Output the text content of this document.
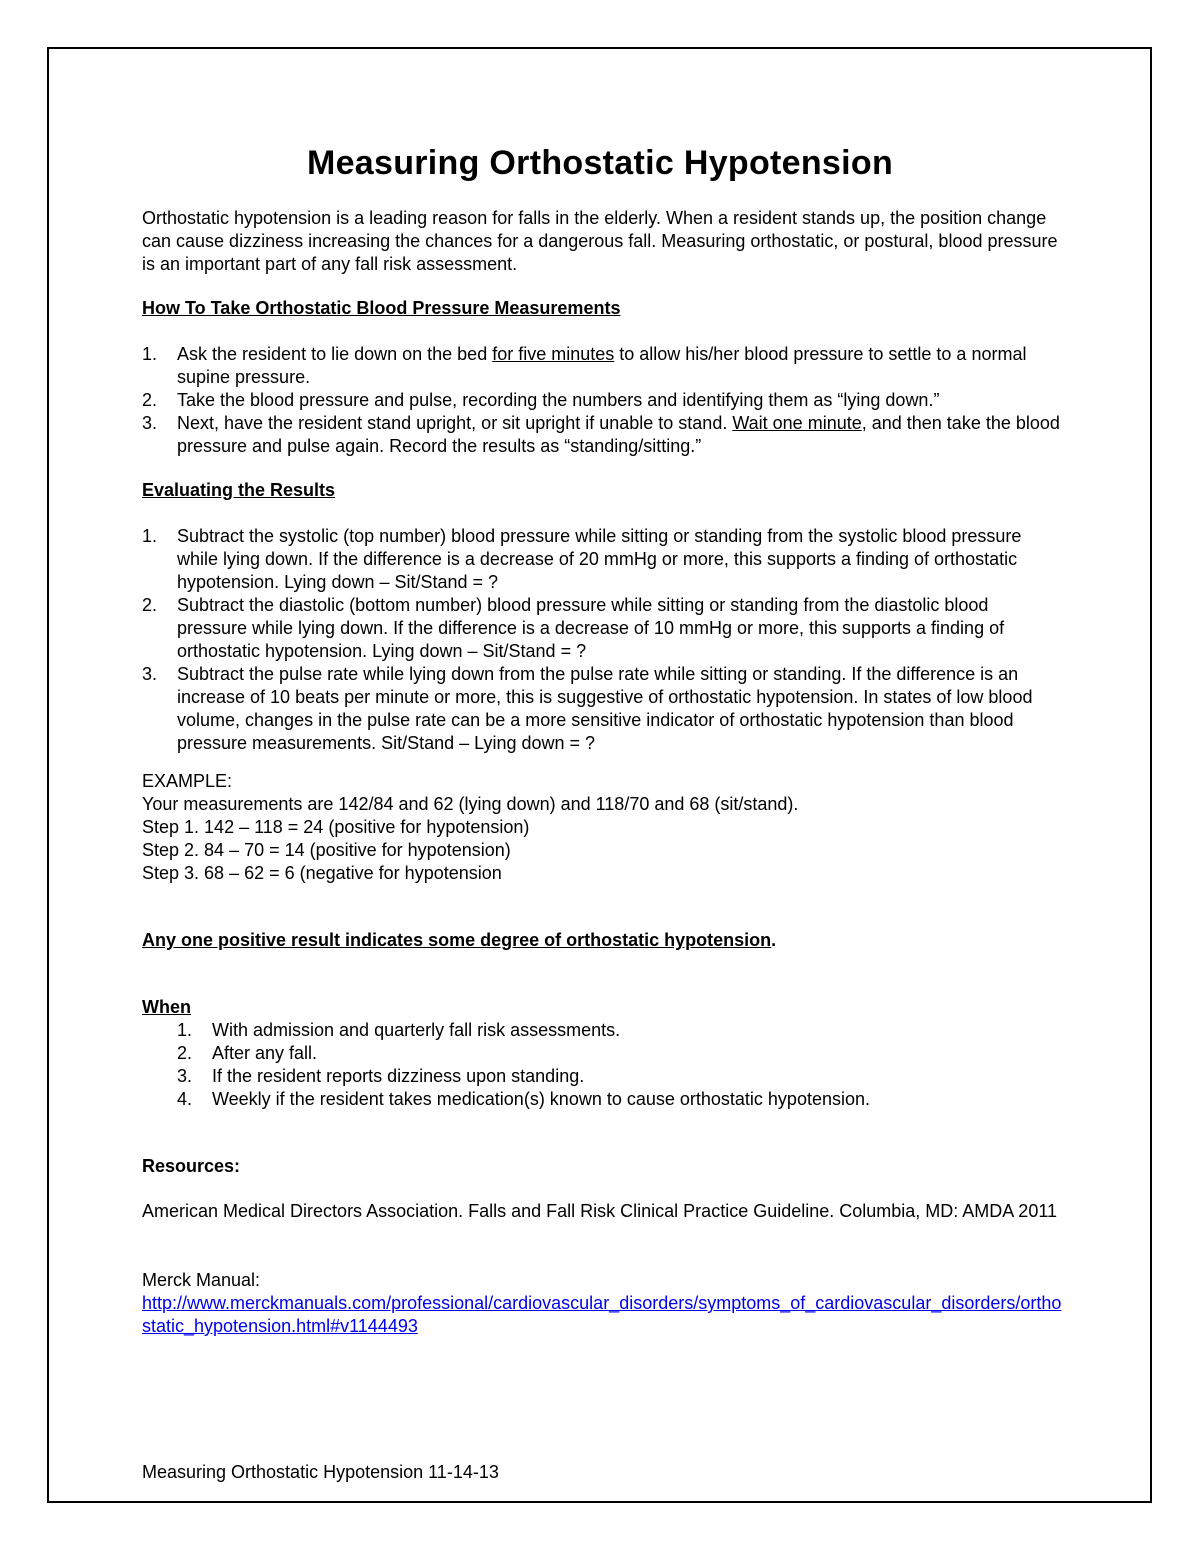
Measuring Orthostatic Hypotension

Orthostatic hypotension is a leading reason for falls in the elderly. When a resident stands up, the position change can cause dizziness increasing the chances for a dangerous fall. Measuring orthostatic, or postural, blood pressure is an important part of any fall risk assessment.

How To Take Orthostatic Blood Pressure Measurements

1. Ask the resident to lie down on the bed for five minutes to allow his/her blood pressure to settle to a normal supine pressure.
2. Take the blood pressure and pulse, recording the numbers and identifying them as “lying down.”
3. Next, have the resident stand upright, or sit upright if unable to stand. Wait one minute, and then take the blood pressure and pulse again. Record the results as “standing/sitting.”

Evaluating the Results

1. Subtract the systolic (top number) blood pressure while sitting or standing from the systolic blood pressure while lying down. If the difference is a decrease of 20 mmHg or more, this supports a finding of orthostatic hypotension. Lying down – Sit/Stand = ?
2. Subtract the diastolic (bottom number) blood pressure while sitting or standing from the diastolic blood pressure while lying down. If the difference is a decrease of 10 mmHg or more, this supports a finding of orthostatic hypotension. Lying down – Sit/Stand = ?
3. Subtract the pulse rate while lying down from the pulse rate while sitting or standing. If the difference is an increase of 10 beats per minute or more, this is suggestive of orthostatic hypotension. In states of low blood volume, changes in the pulse rate can be a more sensitive indicator of orthostatic hypotension than blood pressure measurements. Sit/Stand – Lying down = ?

EXAMPLE:

Your measurements are 142/84 and 62 (lying down) and 118/70 and 68 (sit/stand).

Step 1. 142 – 118 = 24 (positive for hypotension)

Step 2. 84 – 70 = 14 (positive for hypotension)

Step 3. 68 – 62 = 6 (negative for hypotension

Any one positive result indicates some degree of orthostatic hypotension.

When

1. With admission and quarterly fall risk assessments.
2. After any fall.
3. If the resident reports dizziness upon standing.
4. Weekly if the resident takes medication(s) known to cause orthostatic hypotension.

Resources:

American Medical Directors Association. Falls and Fall Risk Clinical Practice Guideline. Columbia, MD: AMDA 2011

Merck Manual:

http://www.merckmanuals.com/professional/cardiovascular_disorders/symptoms_of_cardiovascular_disorders/orthostatic_hypotension.html#v1144493

Measuring Orthostatic Hypotension 11-14-13
